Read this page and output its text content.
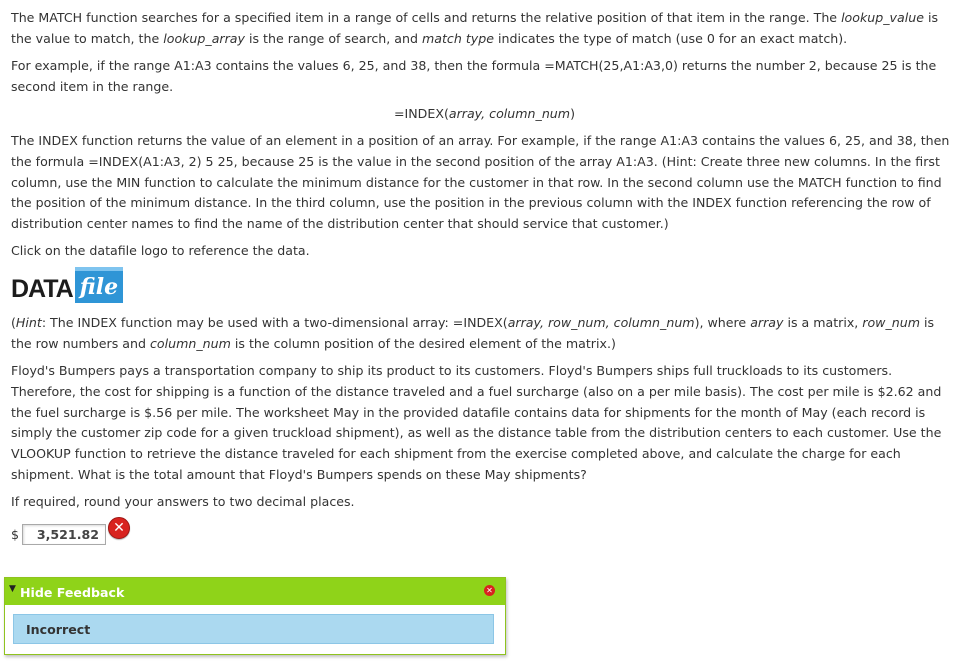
The MATCH function searches for a specified item in a range of cells and returns the relative position of that item in the range. The lookup_value is the value to match, the lookup_array is the range of search, and match type indicates the type of match (use 0 for an exact match).

For example, if the range A1:A3 contains the values 6, 25, and 38, then the formula =MATCH(25,A1:A3,0) returns the number 2, because 25 is the second item in the range.

=INDEX(array, column_num)

The INDEX function returns the value of an element in a position of an array. For example, if the range A1:A3 contains the values 6, 25, and 38, then the formula =INDEX(A1:A3, 2) 5 25, because 25 is the value in the second position of the array A1:A3. (Hint: Create three new columns. In the first column, use the MIN function to calculate the minimum distance for the customer in that row. In the second column use the MATCH function to find the position of the minimum distance. In the third column, use the position in the previous column with the INDEX function referencing the row of distribution center names to find the name of the distribution center that should service that customer.)

Click on the datafile logo to reference the data.

DATA file

(Hint: The INDEX function may be used with a two-dimensional array: =INDEX(array, row_num, column_num), where array is a matrix, row_num is the row numbers and column_num is the column position of the desired element of the matrix.)

Floyd's Bumpers pays a transportation company to ship its product to its customers. Floyd's Bumpers ships full truckloads to its customers. Therefore, the cost for shipping is a function of the distance traveled and a fuel surcharge (also on a per mile basis). The cost per mile is $2.62 and the fuel surcharge is $.56 per mile. The worksheet May in the provided datafile contains data for shipments for the month of May (each record is simply the customer zip code for a given truckload shipment), as well as the distance table from the distribution centers to each customer. Use the VLOOKUP function to retrieve the distance traveled for each shipment from the exercise completed above, and calculate the charge for each shipment. What is the total amount that Floyd's Bumpers spends on these May shipments?

If required, round your answers to two decimal places.

$	3,521.82	✕
▼ Hide Feedback	✕
Incorrect
